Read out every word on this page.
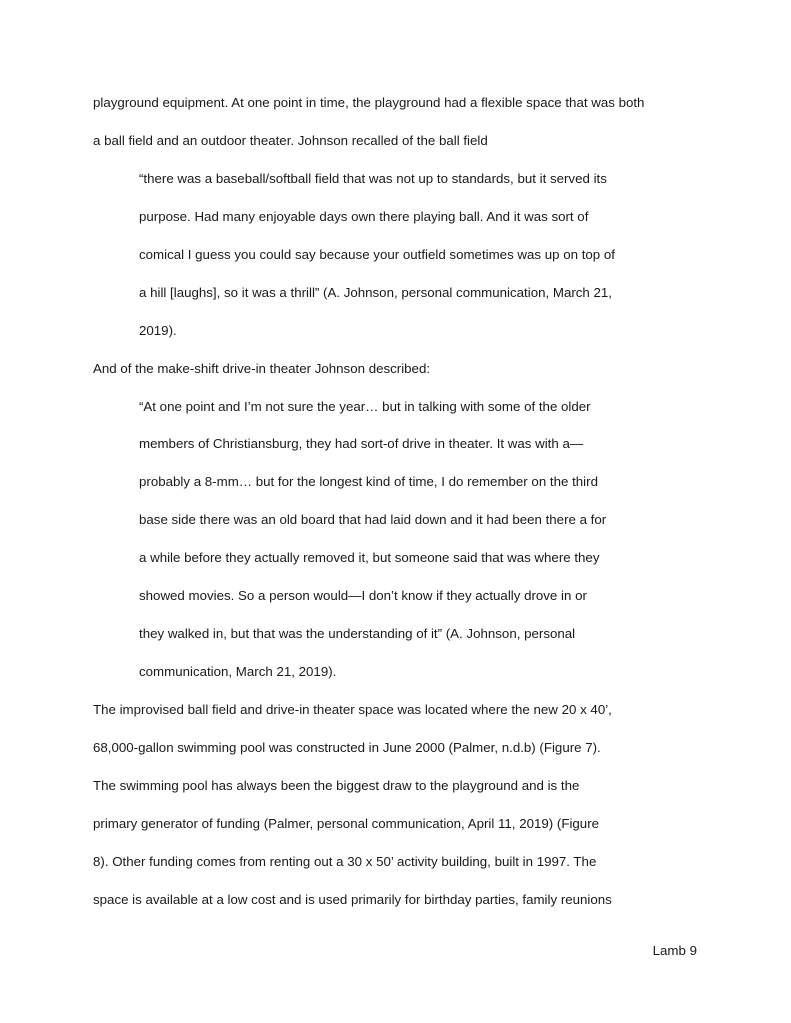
playground equipment. At one point in time, the playground had a flexible space that was both
a ball field and an outdoor theater. Johnson recalled of the ball field
“there was a baseball/softball field that was not up to standards, but it served its
purpose. Had many enjoyable days own there playing ball. And it was sort of
comical I guess you could say because your outfield sometimes was up on top of
a hill [laughs], so it was a thrill” (A. Johnson, personal communication, March 21,
2019).
And of the make-shift drive-in theater Johnson described:
“At one point and I’m not sure the year… but in talking with some of the older
members of Christiansburg, they had sort-of drive in theater. It was with a—
probably a 8-mm… but for the longest kind of time, I do remember on the third
base side there was an old board that had laid down and it had been there a for
a while before they actually removed it, but someone said that was where they
showed movies. So a person would—I don’t know if they actually drove in or
they walked in, but that was the understanding of it” (A. Johnson, personal
communication, March 21, 2019).
The improvised ball field and drive-in theater space was located where the new 20 x 40’,
68,000-gallon swimming pool was constructed in June 2000 (Palmer, n.d.b) (Figure 7).
The swimming pool has always been the biggest draw to the playground and is the
primary generator of funding (Palmer, personal communication, April 11, 2019) (Figure
8). Other funding comes from renting out a 30 x 50’ activity building, built in 1997. The
space is available at a low cost and is used primarily for birthday parties, family reunions
Lamb 9
